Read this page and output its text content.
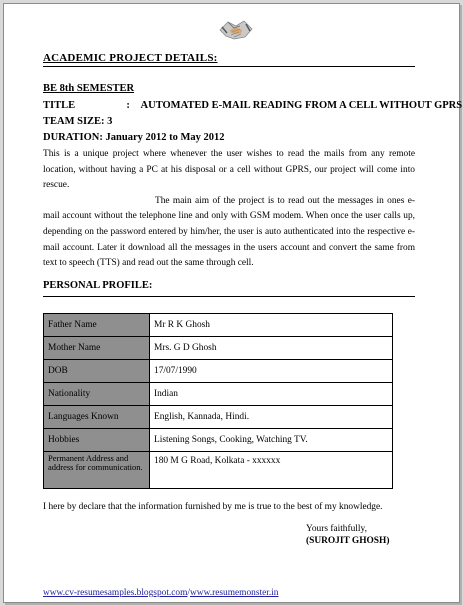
ACADEMIC PROJECT DETAILS:
BE 8th SEMESTER
TITLE	: AUTOMATED E-MAIL READING FROM A CELL WITHOUT GPRS
TEAM SIZE: 3
DURATION: January 2012 to May 2012

This is a unique project where whenever the user wishes to read the mails from any remote location, without having a PC at his disposal or a cell without GPRS, our project will come into rescue.

The main aim of the project is to read out the messages in ones e-mail account without the telephone line and only with GSM modem. When once the user calls up, depending on the password entered by him/her, the user is auto authenticated into the respective e-mail account. Later it download all the messages in the users account and convert the same from text to speech (TTS) and read out the same through cell.

PERSONAL PROFILE:
Father Name	Mr R K Ghosh
Mother Name	Mrs. G D Ghosh
DOB	17/07/1990
Nationality	Indian
Languages Known	English, Kannada, Hindi.
Hobbies	Listening Songs, Cooking, Watching TV.
Permanent Address and address for communication.	180 M G Road, Kolkata - xxxxxx
I here by declare that the information furnished by me is true to the best of my knowledge.
Yours faithfully,
(SUROJIT GHOSH)
www.cv-resumesamples.blogspot.com/www.resumemonster.in
